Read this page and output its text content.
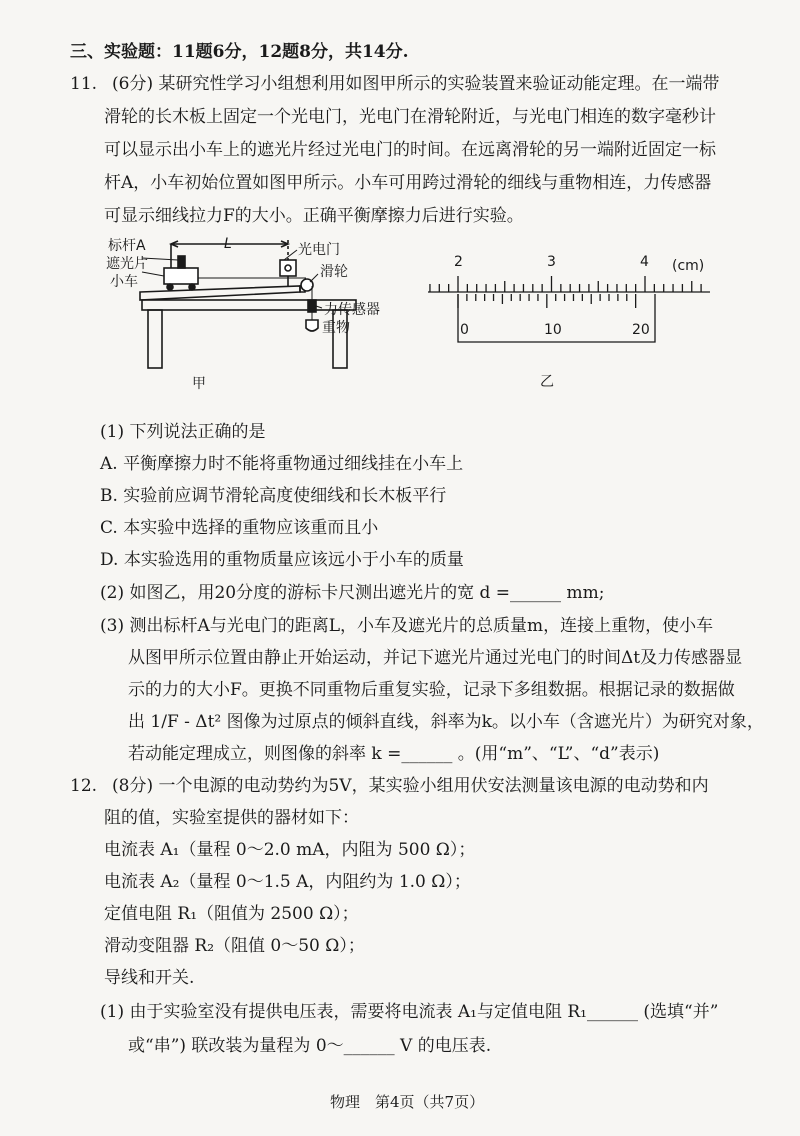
三、实验题：11题6分，12题8分，共14分.
11. (6分) 某研究性学习小组想利用如图甲所示的实验装置来验证动能定理。在一端带
滑轮的长木板上固定一个光电门，光电门在滑轮附近，与光电门相连的数字毫秒计
可以显示出小车上的遮光片经过光电门的时间。在远离滑轮的另一端附近固定一标
杆A，小车初始位置如图甲所示。小车可用跨过滑轮的细线与重物相连，力传感器
可显示细线拉力F的大小。正确平衡摩擦力后进行实验。
标杆A
遮光片
小车
L	光电门
滑轮
力传感器
重物
甲
2	3	4 (cm)
0	10	20
乙
(1) 下列说法正确的是
A. 平衡摩擦力时不能将重物通过细线挂在小车上
B. 实验前应调节滑轮高度使细线和长木板平行
C. 本实验中选择的重物应该重而且小
D. 本实验选用的重物质量应该远小于小车的质量
(2) 如图乙，用20分度的游标卡尺测出遮光片的宽 d =______ mm;
(3) 测出标杆A与光电门的距离L，小车及遮光片的总质量m，连接上重物，使小车
从图甲所示位置由静止开始运动，并记下遮光片通过光电门的时间Δt及力传感器显
示的力的大小F。更换不同重物后重复实验，记录下多组数据。根据记录的数据做
出 1/F - Δt² 图像为过原点的倾斜直线，斜率为k。以小车（含遮光片）为研究对象，
若动能定理成立，则图像的斜率 k =______ 。(用“m”、“L”、“d”表示)
12. (8分) 一个电源的电动势约为5V，某实验小组用伏安法测量该电源的电动势和内
阻的值，实验室提供的器材如下：
电流表 A₁（量程 0～2.0 mA，内阻为 500 Ω）；
电流表 A₂（量程 0～1.5 A，内阻约为 1.0 Ω）；
定值电阻 R₁（阻值为 2500 Ω）；
滑动变阻器 R₂（阻值 0～50 Ω）；
导线和开关.
(1) 由于实验室没有提供电压表，需要将电流表 A₁与定值电阻 R₁______ (选填“并”
或“串”) 联改装为量程为 0～______ V 的电压表.
物理　第4页（共7页）
